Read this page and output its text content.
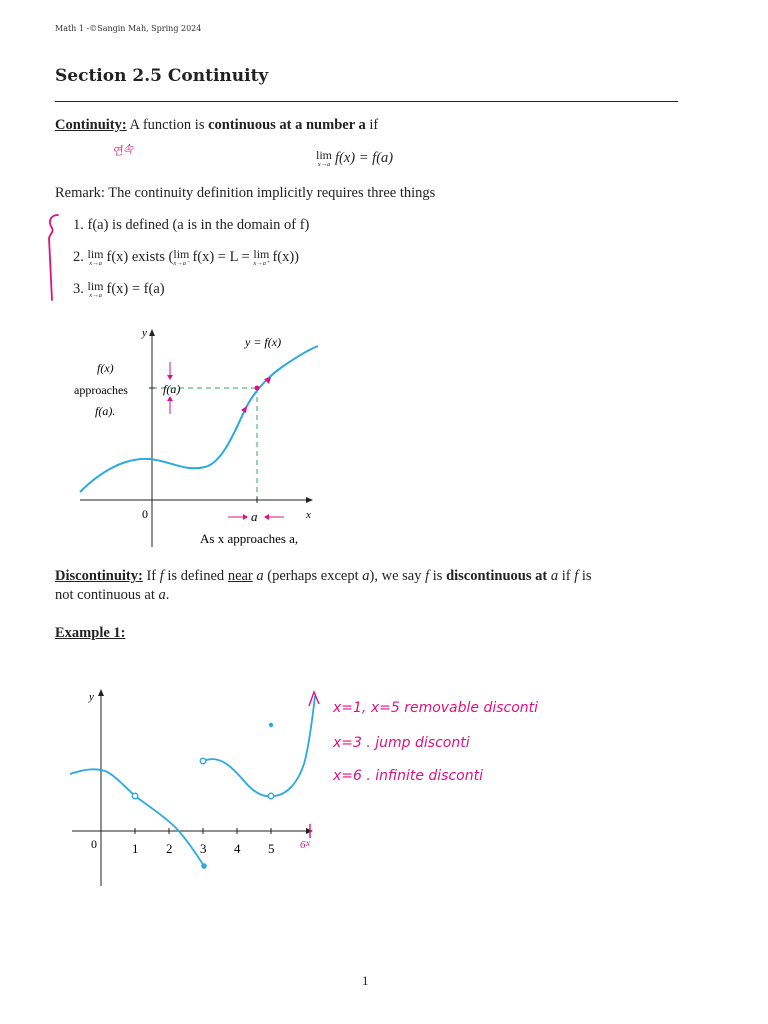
Math 1 -©Sangin Mah, Spring 2024
Section 2.5 Continuity
Continuity: A function is continuous at a number a if
연속	lim
x→a f(x) = f(a)
Remark: The continuity definition implicitly requires three things
1. f(a) is defined (a is in the domain of f)
2. lim
x→a f(x) exists ( lim
x→a⁻ f(x) = L = lim
x→a⁺ f(x))
3. lim
x→a f(x) = f(a)
y
x
0	a
y = f(x)
f(x)
approaches
f(a).
f(a)
As x approaches a,
Discontinuity: If f is defined near a (perhaps except a), we say f is discontinuous at a if f is
not continuous at a.
Example 1:
y
0	1 2 3 4 5 6 x
x=1, x=5 removable disconti
x=3 . jump disconti
x=6 . infinite disconti
1
